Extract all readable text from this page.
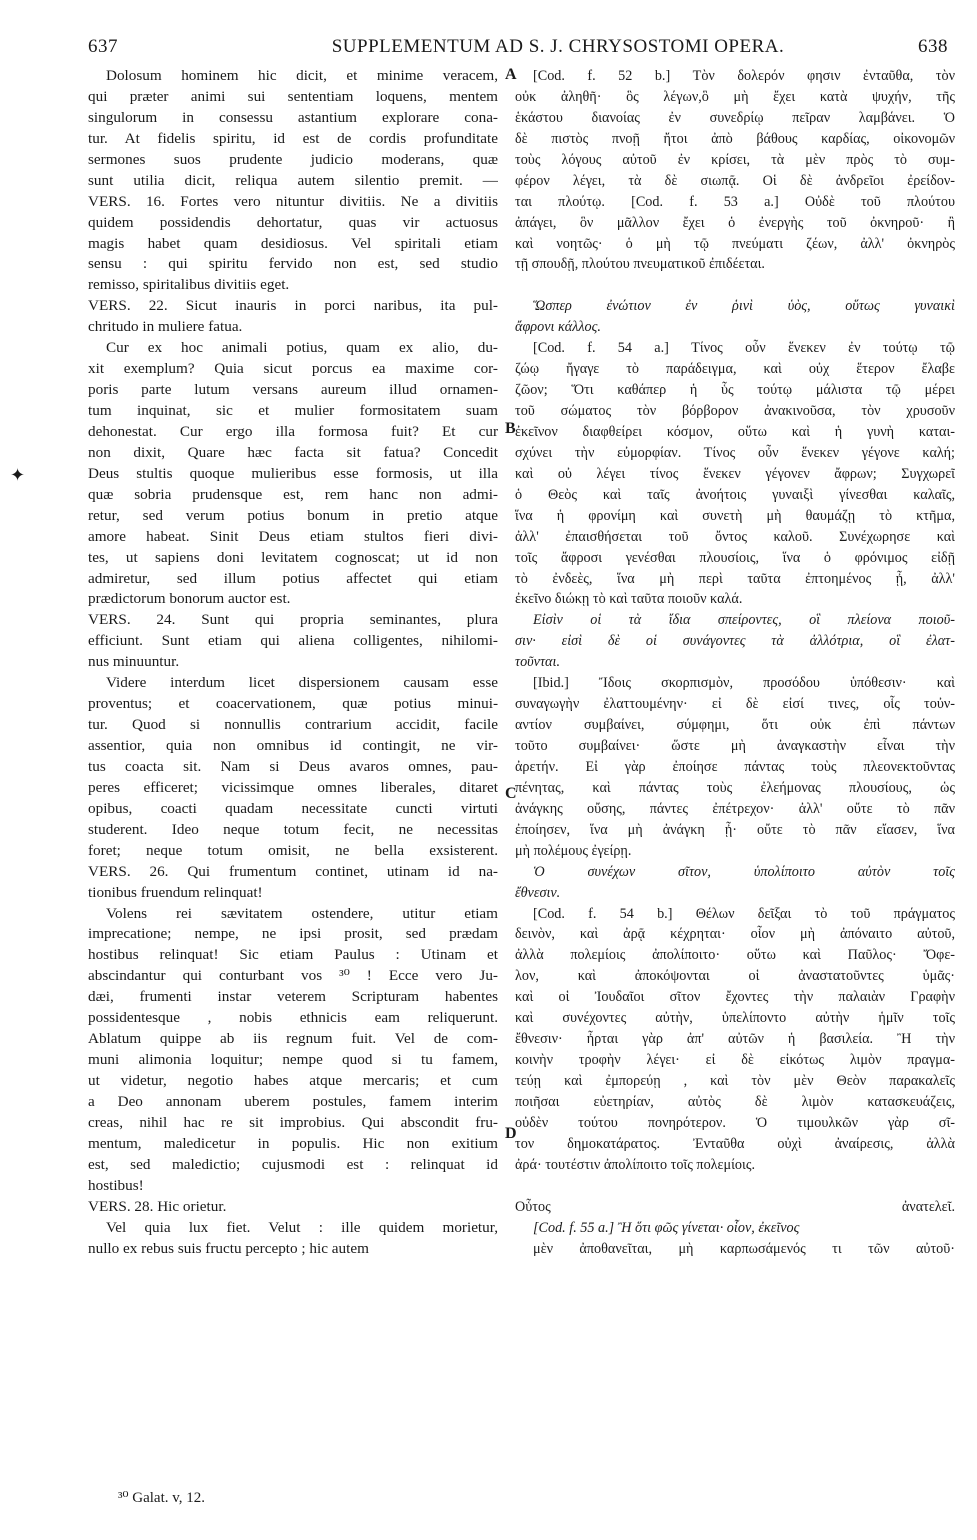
637	SUPPLEMENTUM AD S. J. CHRYSOSTOMI OPERA.	638
Dolosum hominem hic dicit, et minime veracem,
qui præter animi sui sententiam loquens, mentem
singulorum in consessu astantium explorare cona-
tur. At fidelis spiritu, id est de cordis profunditate
sermones suos prudente judicio moderans, quæ
sunt utilia dicit, reliqua autem silentio premit. —
VERS. 16. Fortes vero nituntur divitiis. Ne a divitiis
quidem possidendis dehortatur, quas vir actuosus
magis habet quam desidiosus. Vel spiritali etiam
sensu : qui spiritu fervido non est, sed studio
remisso, spiritalibus divitiis eget.
VERS. 22. Sicut inauris in porci naribus, ita pul-
chritudo in muliere fatua.
Cur ex hoc animali potius, quam ex alio, du-
xit exemplum? Quia sicut porcus ea maxime cor-
poris parte lutum versans aureum illud ornamen-
tum inquinat, sic et mulier formositatem suam
dehonestat. Cur ergo illa formosa fuit? Et cur
non dixit, Quare hæc facta sit fatua? Concedit
Deus stultis quoque mulieribus esse formosis, ut illa
quæ sobria prudensque est, rem hanc non admi-
retur, sed verum potius bonum in pretio atque
amore habeat. Sinit Deus etiam stultos fieri divi-
tes, ut sapiens doni levitatem cognoscat; ut id non
admiretur, sed illum potius affectet qui etiam
prædictorum bonorum auctor est.
VERS. 24. Sunt qui propria seminantes, plura
efficiunt. Sunt etiam qui aliena colligentes, nihilomi-
nus minuuntur.
Videre interdum licet dispersionem causam esse
proventus; et coacervationem, quæ potius minui-
tur. Quod si nonnullis contrarium accidit, facile
assentior, quia non omnibus id contingit, ne vir-
tus coacta sit. Nam si Deus avaros omnes, pau-
peres efficeret; vicissimque omnes liberales, ditaret
opibus, coacti quadam necessitate cuncti virtuti
studerent. Ideo neque totum fecit, ne necessitas
foret; neque totum omisit, ne bella exsisterent.
VERS. 26. Qui frumentum continet, utinam id na-
tionibus fruendum relinquat!
Volens rei sævitatem ostendere, utitur etiam
imprecatione; nempe, ne ipsi prosit, sed prædam
hostibus relinquat! Sic etiam Paulus : Utinam et
abscindantur qui conturbant vos ³⁰ ! Ecce vero Ju-
dæi, frumenti instar veterem Scripturam habentes
possidentesque , nobis ethnicis eam reliquerunt.
Ablatum quippe ab iis regnum fuit. Vel de com-
muni alimonia loquitur; nempe quod si tu famem,
ut videtur, negotio habes atque mercaris; et cum
a Deo annonam uberem postules, famem interim
creas, nihil hac re sit improbius. Qui abscondit fru-
mentum, maledicetur in populis. Hic non exitium
est, sed maledictio; cujusmodi est : relinquat id
hostibus!
VERS. 28. Hic orietur.
Vel quia lux fiet. Velut : ille quidem morietur,
nullo ex rebus suis fructu percepto ; hic autem
[Cod. f. 52 b.] Τὸν δολερόν φησιν ἐνταῦθα, τὸν
οὐκ ἀληθῆ· ὃς λέγων,ὃ μὴ ἔχει κατὰ ψυχήν, τῆς
ἑκάστου διανοίας ἐν συνεδρίῳ πεῖραν λαμβάνει. Ὁ
δὲ πιστὸς πνοῇ ἤτοι ἀπὸ βάθους καρδίας, οἰκονομῶν
τοὺς λόγους αὐτοῦ ἐν κρίσει, τὰ μὲν πρὸς τὸ συμ-
φέρον λέγει, τὰ δὲ σιωπᾷ. Οἱ δὲ ἀνδρεῖοι ἐρείδον-
ται πλούτῳ. [Cod. f. 53 a.] Οὐδὲ τοῦ πλούτου
ἀπάγει, ὃν μᾶλλον ἔχει ὁ ἐνεργὴς τοῦ ὀκνηροῦ· ἢ
καὶ νοητῶς· ὁ μὴ τῷ πνεύματι ζέων, ἀλλ' ὀκνηρὸς
τῇ σπουδῇ, πλούτου πνευματικοῦ ἐπιδέεται.
Ὥσπερ ἐνώτιον ἐν ῥινὶ ὑὸς, οὕτως γυναικὶ
ἄφρονι κάλλος.
[Cod. f. 54 a.] Τίνος οὖν ἕνεκεν ἐν τούτῳ τῷ
ζώῳ ἤγαγε τὸ παράδειγμα, καὶ οὐχ ἕτερον ἔλαβε
ζῶον; Ὅτι καθάπερ ἡ ὗς τούτῳ μάλιστα τῷ μέρει
τοῦ σώματος τὸν βόρβορον ἀνακινοῦσα, τὸν χρυσοῦν
ἐκεῖνον διαφθείρει κόσμον, οὕτω καὶ ἡ γυνὴ καται-
σχύνει τὴν εὐμορφίαν. Τίνος οὖν ἕνεκεν γέγονε καλή;
καὶ οὐ λέγει τίνος ἕνεκεν γέγονεν ἄφρων; Συγχωρεῖ
ὁ Θεὸς καὶ ταῖς ἀνοήτοις γυναιξὶ γίνεσθαι καλαῖς,
ἵνα ἡ φρονίμη καὶ συνετὴ μὴ θαυμάζῃ τὸ κτῆμα,
ἀλλ' ἐπαισθήσεται τοῦ ὄντος καλοῦ. Συνέχωρησε καὶ
τοῖς ἄφροσι γενέσθαι πλουσίοις, ἵνα ὁ φρόνιμος εἰδῇ
τὸ ἐνδεὲς, ἵνα μὴ περὶ ταῦτα ἐπτοημένος ᾖ, ἀλλ'
ἐκεῖνο διώκῃ τὸ καὶ ταῦτα ποιοῦν καλά.
Εἰσὶν οἱ τὰ ἴδια σπείροντες, οἳ πλείονα ποιοῦ-
σιν· εἰσὶ δὲ οἱ συνάγοντες τὰ ἀλλότρια, οἳ ἐλατ-
τοῦνται.
[Ibid.] Ἴδοις σκορπισμὸν, προσόδου ὑπόθεσιν· καὶ
συναγωγὴν ἐλαττουμένην· εἰ δὲ εἰσί τινες, οἷς τοὐν-
αντίον συμβαίνει, σύμφημι, ὅτι οὐκ ἐπὶ πάντων
τοῦτο συμβαίνει· ὥστε μὴ ἀναγκαστὴν εἶναι τὴν
ἀρετήν. Εἰ γὰρ ἐποίησε πάντας τοὺς πλεονεκτοῦντας
πένητας, καὶ πάντας τοὺς ἐλεήμονας πλουσίους, ὡς
ἀνάγκης οὔσης, πάντες ἐπέτρεχον· ἀλλ' οὔτε τὸ πᾶν
ἐποίησεν, ἵνα μὴ ἀνάγκη ᾖ· οὔτε τὸ πᾶν εἴασεν, ἵνα
μὴ πολέμους ἐγείρῃ.
Ὁ συνέχων σῖτον, ὑπολίποιτο αὐτὸν τοῖς
ἔθνεσιν.
[Cod. f. 54 b.] Θέλων δεῖξαι τὸ τοῦ πράγματος
δεινὸν, καὶ ἀρᾷ κέχρηται· οἷον μὴ ἀπόναιτο αὐτοῦ,
ἀλλὰ πολεμίοις ἀπολίποιτο· οὕτω καὶ Παῦλος· Ὄφε-
λον, καὶ ἀποκόψονται οἱ ἀναστατοῦντες ὑμᾶς·
καὶ οἱ Ἰουδαῖοι σῖτον ἔχοντες τὴν παλαιὰν Γραφὴν
καὶ συνέχοντες αὐτὴν, ὑπελίποντο αὐτὴν ἡμῖν τοῖς
ἔθνεσιν· ἦρται γὰρ ἀπ' αὐτῶν ἡ βασιλεία. Ἢ τὴν
κοινὴν τροφὴν λέγει· εἰ δὲ εἰκότως λιμὸν πραγμα-
τεύῃ καὶ ἐμπορεύῃ , καὶ τὸν μὲν Θεὸν παρακαλεῖς
ποιῆσαι εὐετηρίαν, αὐτὸς δὲ λιμὸν κατασκευάζεις,
οὐδὲν τούτου πονηρότερον. Ὁ τιμουλκῶν γὰρ σῖ-
τον δημοκατάρατος. Ἐνταῦθα οὐχὶ ἀναίρεσις, ἀλλὰ
ἀρά· τουτέστιν ἀπολίποιτο τοῖς πολεμίοις.
Οὗτος ἀνατελεῖ.
[Cod. f. 55 a.] Ἢ ὅτι φῶς γίνεται· οἷον, ἐκεῖνος
μὲν ἀποθανεῖται, μὴ καρπωσάμενός τι τῶν αὐτοῦ·
A
B
C
D
✦
³⁰ Galat. v, 12.
